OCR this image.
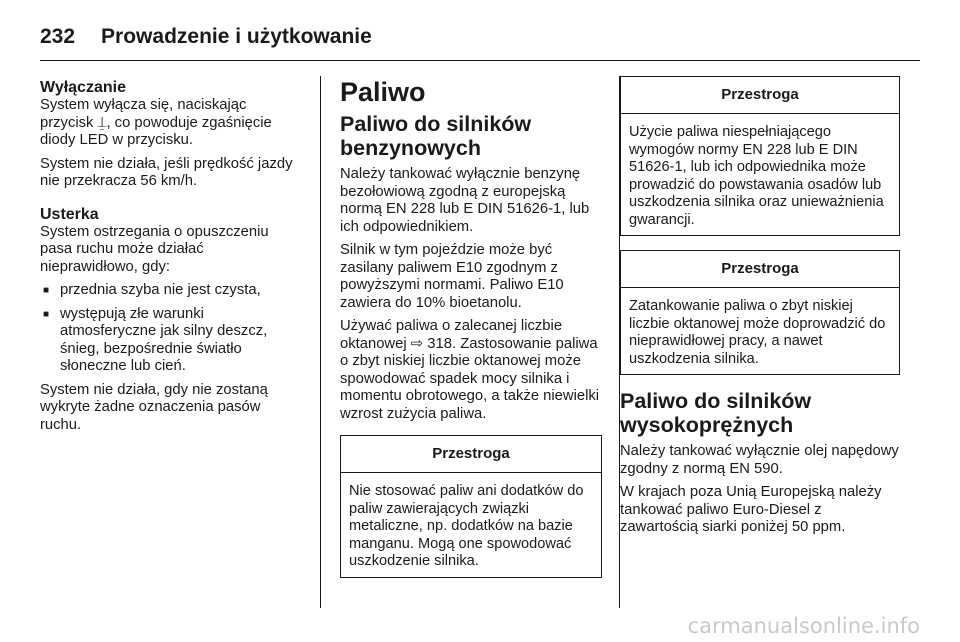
232 Prowadzenie i użytkowanie
Wyłączanie

System wyłącza się, naciskając przycisk ⍊, co powoduje zgaśnięcie diody LED w przycisku.

System nie działa, jeśli prędkość jazdy nie przekracza 56 km/h.

Usterka

System ostrzegania o opuszczeniu pasa ruchu może działać nieprawidłowo, gdy:

■ przednia szyba nie jest czysta,
■ występują złe warunki atmosferyczne jak silny deszcz, śnieg, bezpośrednie światło słoneczne lub cień.

System nie działa, gdy nie zostaną wykryte żadne oznaczenia pasów ruchu.

Paliwo
Paliwo do silników benzynowych

Należy tankować wyłącznie benzynę bezołowiową zgodną z europejską normą EN 228 lub E DIN 51626-1, lub ich odpowiednikiem.

Silnik w tym pojeździe może być zasilany paliwem E10 zgodnym z powyższymi normami. Paliwo E10 zawiera do 10% bioetanolu.

Używać paliwa o zalecanej liczbie oktanowej ⇨ 318. Zastosowanie paliwa o zbyt niskiej liczbie oktanowej może spowodować spadek mocy silnika i momentu obrotowego, a także niewielki wzrost zużycia paliwa.

Przestroga

Nie stosować paliw ani dodatków do paliw zawierających związki metaliczne, np. dodatków na bazie manganu. Mogą one spowodować uszkodzenie silnika.

Przestroga

Użycie paliwa niespełniającego wymogów normy EN 228 lub E DIN 51626-1, lub ich odpowiednika może prowadzić do powstawania osadów lub uszkodzenia silnika oraz unieważnienia gwarancji.

Przestroga

Zatankowanie paliwa o zbyt niskiej liczbie oktanowej może doprowadzić do nieprawidłowej pracy, a nawet uszkodzenia silnika.

Paliwo do silników wysokoprężnych

Należy tankować wyłącznie olej napędowy zgodny z normą EN 590.

W krajach poza Unią Europejską należy tankować paliwo Euro-Diesel z zawartością siarki poniżej 50 ppm.

carmanualsonline.info
